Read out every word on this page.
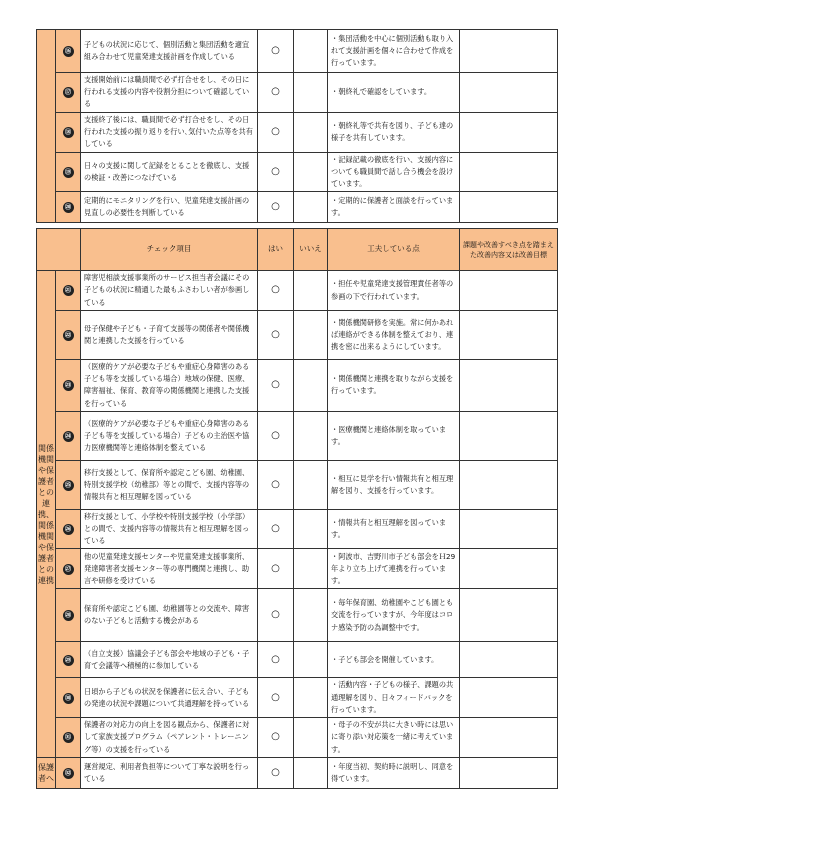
	⑯	子どもの状況に応じて、個別活動と集団活動を適宜組み合わせて児童発達支援計画を作成している	○		・集団活動を中心に個別活動も取り入れて支援計画を個々に合わせて作成を行っています。	
	⑰	支援開始前には職員間で必ず打合せをし、その日に行われる支援の内容や役割分担について確認している	○		・朝終礼で確認をしています。	
	⑱	支援終了後には、職員間で必ず打合せをし、その日行われた支援の振り返りを行い､気付いた点等を共有している	○		・朝終礼等で共有を図り、子ども達の様子を共有しています。	
	⑲	日々の支援に関して記録をとることを徹底し、支援の検証・改善につなげている	○		・記録記載の徹底を行い、支援内容についても職員間で話し合う機会を設けています。	
	⑳	定期的にモニタリングを行い、児童発達支援計画の見直しの必要性を判断している	○		・定期的に保護者と面談を行っています。	
		チェック項目	はい	いいえ	工夫している点	課題や改善すべき点を踏まえた改善内容又は改善目標
関係機関や保護者との連携、関係機関や保護者との連携	㉑	障害児相談支援事業所のサービス担当者会議にその子どもの状況に精通した最もふさわしい者が参画している	○		・担任や児童発達支援管理責任者等の参画の下で行われています。	
	㉒	母子保健や子ども・子育て支援等の関係者や関係機関と連携した支援を行っている	○		・関係機関研修を実施。常に何かあれば連絡ができる体制を整えており、連携を密に出来るようにしています。	
	㉓	（医療的ケアが必要な子どもや重症心身障害のある子ども等を支援している場合）地域の保健、医療、障害福祉、保育、教育等の関係機関と連携した支援を行っている	○		・関係機関と連携を取りながら支援を行っています。	
	㉔	（医療的ケアが必要な子どもや重症心身障害のある子ども等を支援している場合）子どもの主治医や協力医療機関等と連絡体制を整えている	○		・医療機関と連絡体制を取っています。	
	㉕	移行支援として、保育所や認定こども園、幼稚園、特別支援学校（幼稚部）等との間で、支援内容等の情報共有と相互理解を図っている	○		・相互に見学を行い情報共有と相互理解を図り、支援を行っています。	
	㉖	移行支援として、小学校や特別支援学校（小学部）との間で、支援内容等の情報共有と相互理解を図っている	○		・情報共有と相互理解を図っています。	
	㉗	他の児童発達支援センターや児童発達支援事業所、発達障害者支援センター等の専門機関と連携し、助言や研修を受けている	○		・阿波市、吉野川市子ども部会をＨ29年より立ち上げて連携を行っています。	
	㉘	保育所や認定こども園、幼稚園等との交流や、障害のない子どもと活動する機会がある	○		・毎年保育園、幼稚園やこども園とも交流を行っていますが、今年度はコロナ感染予防の為調整中です。	
	㉙	（自立支援）協議会子ども部会や地域の子ども・子育て会議等へ積極的に参加している	○		・子ども部会を開催しています。	
	㉚	日頃から子どもの状況を保護者に伝え合い、子どもの発達の状況や課題について共通理解を持っている	○		・活動内容・子どもの様子、課題の共通理解を図り、日々フィードバックを行っています。	
	㉛	保護者の対応力の向上を図る観点から、保護者に対して家族支援プログラム（ペアレント・トレーニング等）の支援を行っている	○		・母子の不安が共に大きい時には思いに寄り添い対応策を一緒に考えています。	
保護者へ	㉜	運営規定、利用者負担等について丁寧な説明を行っている	○		・年度当初、契約時に説明し、同意を得ています。	
